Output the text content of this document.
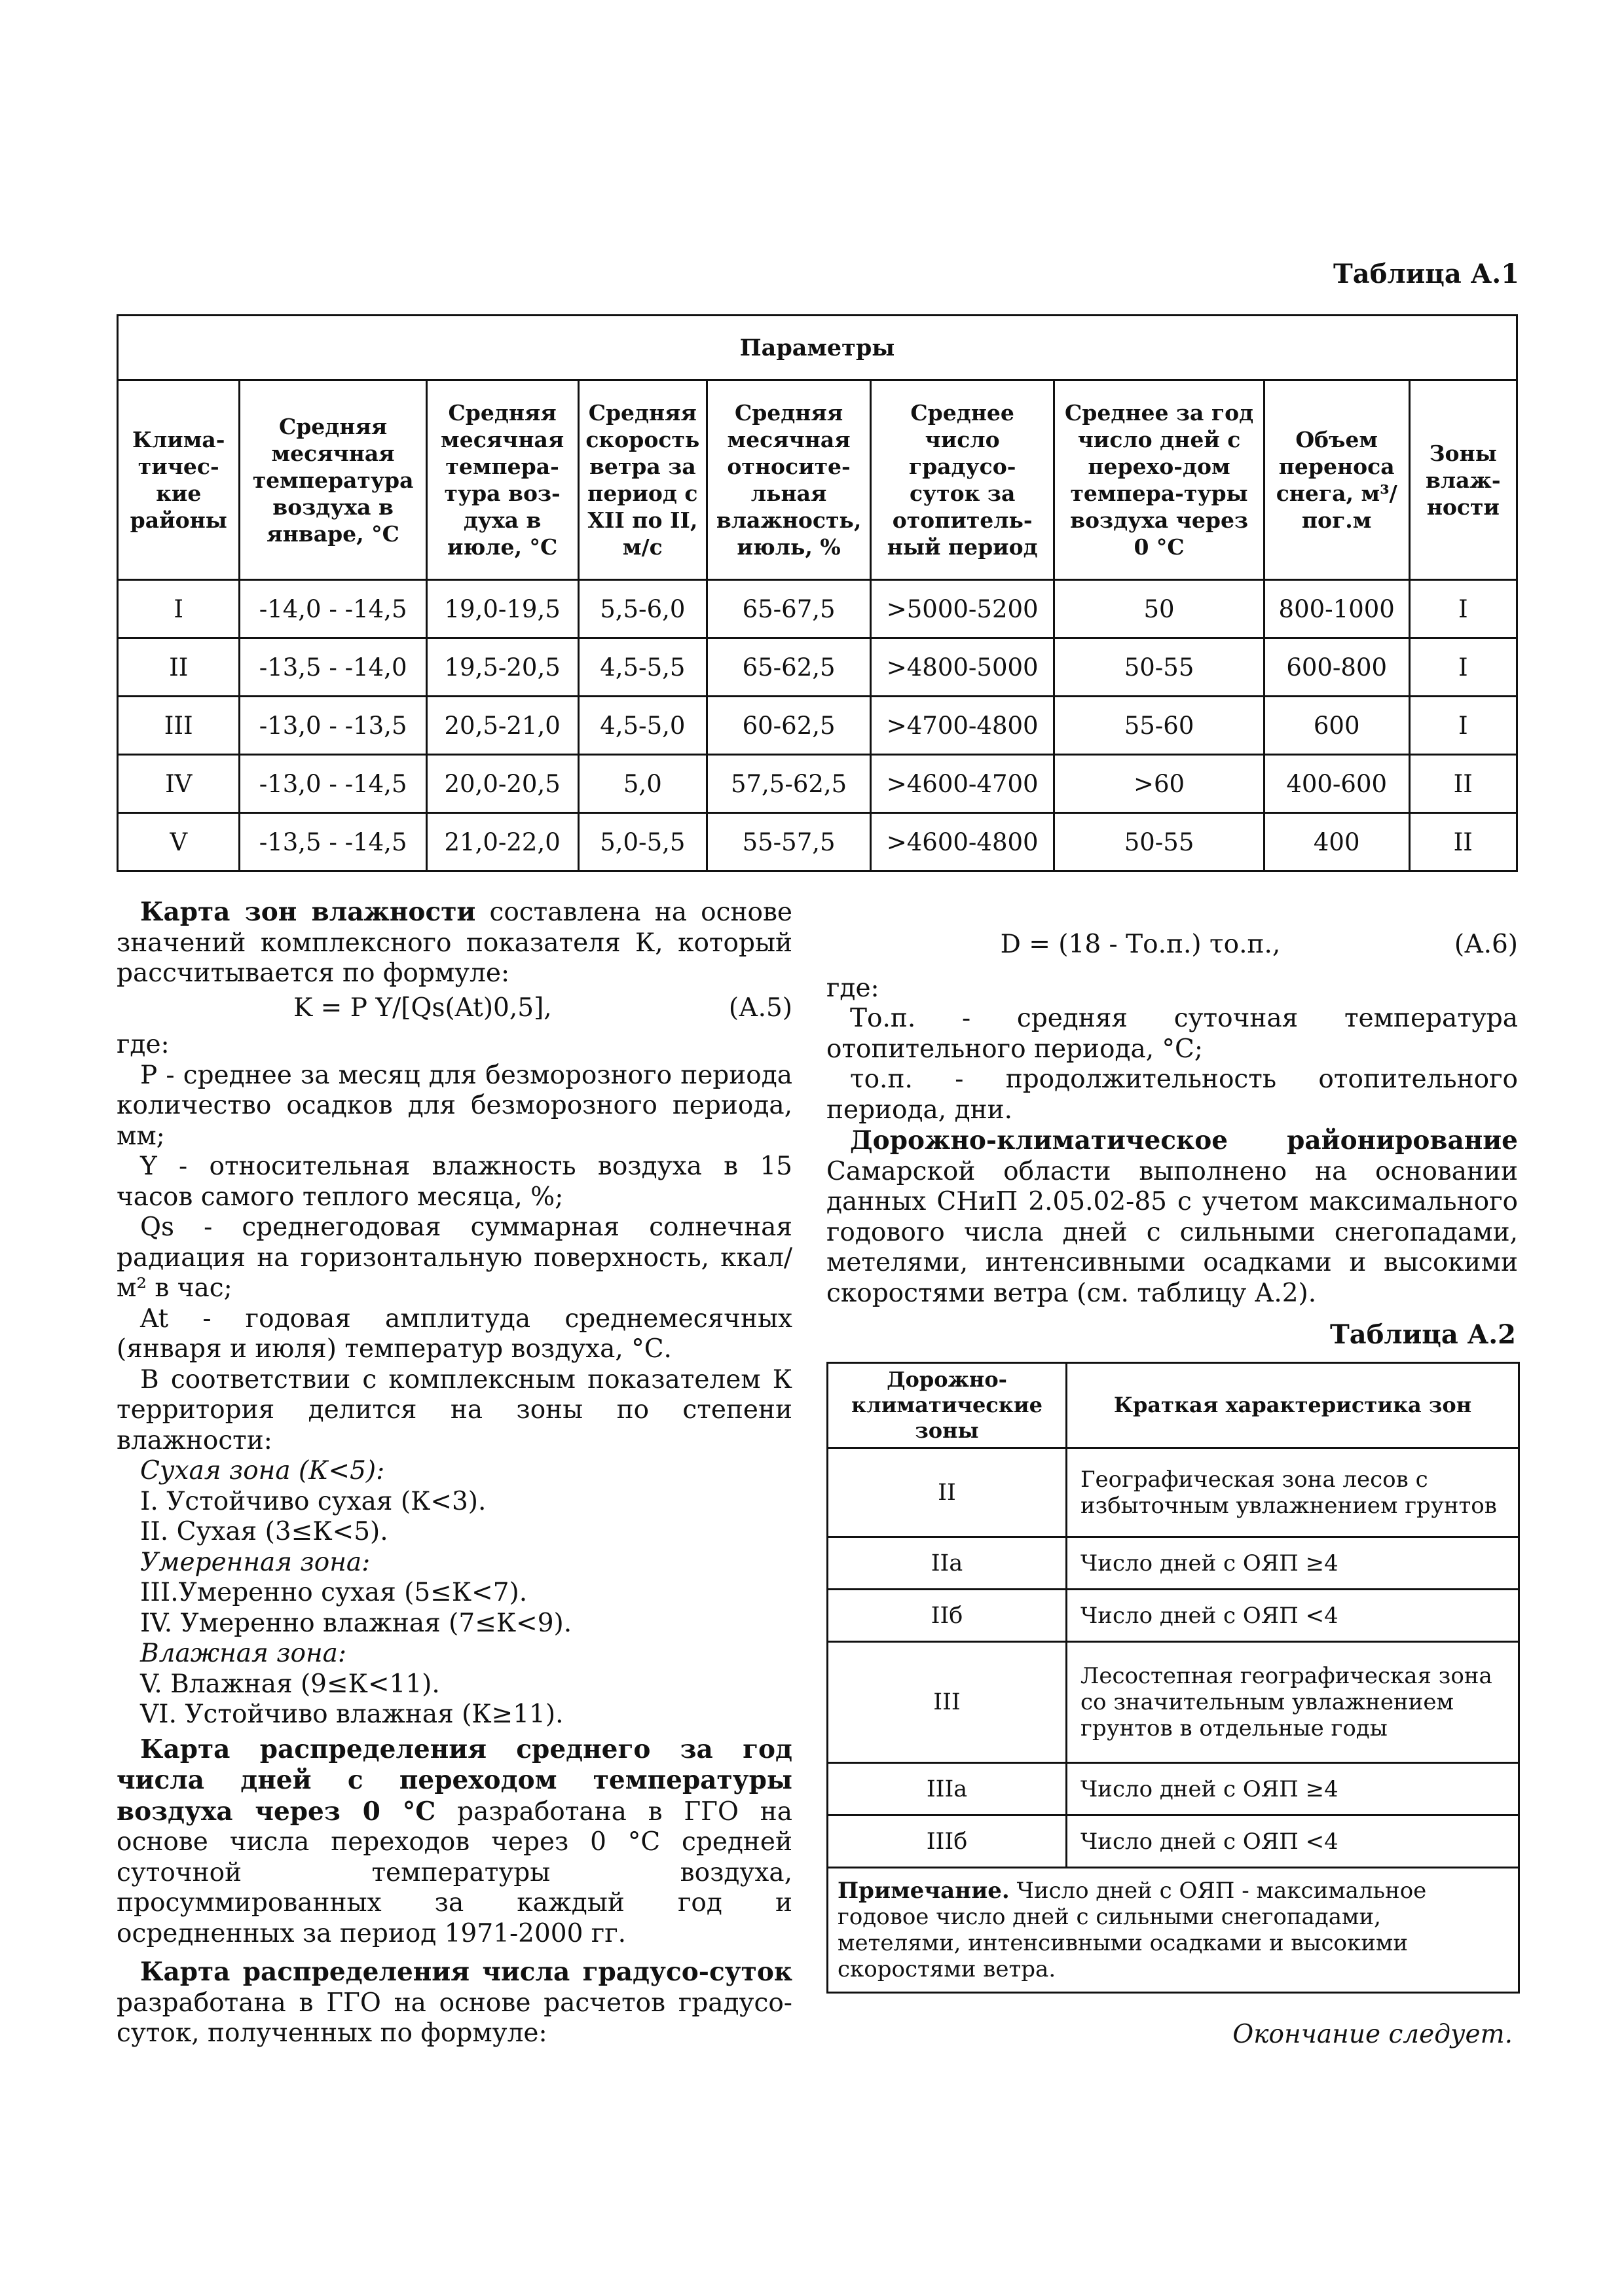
Таблица А.1
Параметры								
Клима-тичес-кие районы	Средняя месячная температура воздуха в январе, °С	Средняя месячная темпера-тура воз-духа в июле, °С	Средняя скорость ветра за период с XII по II, м/с	Средняя месячная относите-льная влажность, июль, %	Среднее число градусо-суток за отопитель-ный период	Среднее за год число дней с перехо-дом темпера-туры воздуха через 0 °С	Объем переноса снега, м³/пог.м	Зоны влаж-ности
I	-14,0 - -14,5	19,0-19,5	5,5-6,0	65-67,5	>5000-5200	50	800-1000	I
II	-13,5 - -14,0	19,5-20,5	4,5-5,5	65-62,5	>4800-5000	50-55	600-800	I
III	-13,0 - -13,5	20,5-21,0	4,5-5,0	60-62,5	>4700-4800	55-60	600	I
IV	-13,0 - -14,5	20,0-20,5	5,0	57,5-62,5	>4600-4700	>60	400-600	II
V	-13,5 - -14,5	21,0-22,0	5,0-5,5	55-57,5	>4600-4800	50-55	400	II

Карта зон влажности составлена на основе значений комплексного показателя К, который рассчитывается по формуле:

K = P Y/[Qs(At)0,5],	(А.5)

где:

P - среднее за месяц для безморозного периода количество осадков для безморозного периода, мм;

Y - относительная влажность воздуха в 15 часов самого теплого месяца, %;

Qs - среднегодовая суммарная солнечная радиация на горизонтальную поверхность, ккал/м² в час;

At - годовая амплитуда среднемесячных (января и июля) температур воздуха, °С.

В соответствии с комплексным показателем К территория делится на зоны по степени влажности:

Сухая зона (К<5):

I. Устойчиво сухая (К<3).

II. Сухая (3≤К<5).

Умеренная зона:

III.Умеренно сухая (5≤К<7).

IV. Умеренно влажная (7≤К<9).

Влажная зона:

V. Влажная (9≤К<11).

VI. Устойчиво влажная (К≥11).

Карта распределения среднего за год числа дней с переходом температуры воздуха через 0 °С разработана в ГГО на основе числа переходов через 0 °С средней суточной температуры воздуха, просуммированных за каждый год и осредненных за период 1971-2000 гг.

Карта распределения числа градусо-суток разработана в ГГО на основе расчетов градусо-суток, полученных по формуле:

D = (18 - Tо.п.) τо.п.,	(А.6)

где:

Tо.п. - средняя суточная температура отопительного периода, °С;

τо.п. - продолжительность отопительного периода, дни.

Дорожно-климатическое районирование Самарской области выполнено на основании данных СНиП 2.05.02-85 с учетом максимального годового числа дней с сильными снегопадами, метелями, интенсивными осадками и высокими скоростями ветра (см. таблицу А.2).

Таблица А.2
Дорожно-климатические зоны	Краткая характеристика зон
II	Географическая зона лесов с избыточным увлажнением грунтов
IIа	Число дней с ОЯП ≥4
IIб	Число дней с ОЯП <4
III	Лесостепная географическая зона со значительным увлажнением грунтов в отдельные годы
IIIа	Число дней с ОЯП ≥4
IIIб	Число дней с ОЯП <4
Примечание. Число дней с ОЯП - максимальное годовое число дней с сильными снегопадами, метелями, интенсивными осадками и высокими скоростями ветра.	
Окончание следует.
